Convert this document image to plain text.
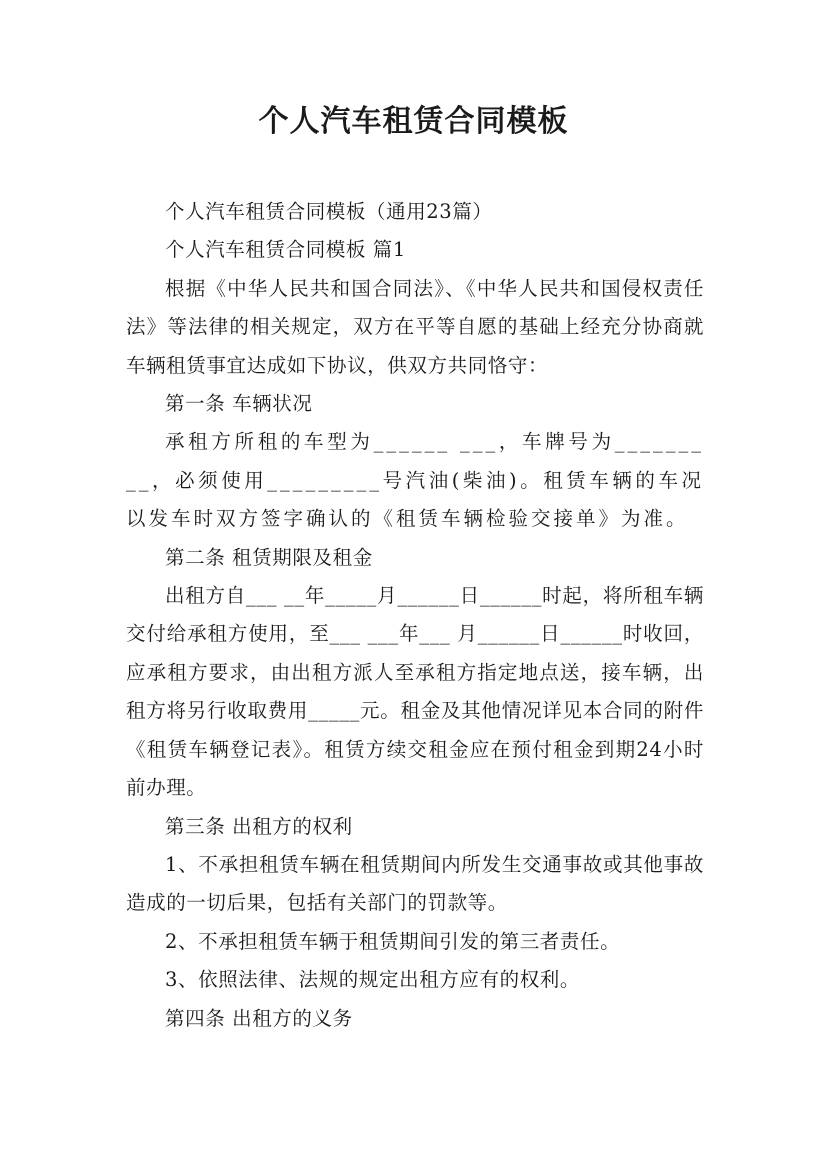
个人汽车租赁合同模板

个人汽车租赁合同模板（通用23篇）

个人汽车租赁合同模板 篇1

根据《中华人民共和国合同法》、《中华人民共和国侵权责任法》等法律的相关规定，双方在平等自愿的基础上经充分协商就车辆租赁事宜达成如下协议，供双方共同恪守：

第一条 车辆状况

承租方所租的车型为______ ___，车牌号为_________，必须使用_________号汽油(柴油)。租赁车辆的车况以发车时双方签字确认的《租赁车辆检验交接单》为准。

第二条 租赁期限及租金

出租方自___ __年_____月______日______时起，将所租车辆交付给承租方使用，至___ ___年___ 月______日______时收回，应承租方要求，由出租方派人至承租方指定地点送，接车辆，出租方将另行收取费用_____元。租金及其他情况详见本合同的附件《租赁车辆登记表》。租赁方续交租金应在预付租金到期24小时前办理。

第三条 出租方的权利

1、不承担租赁车辆在租赁期间内所发生交通事故或其他事故造成的一切后果，包括有关部门的罚款等。

2、不承担租赁车辆于租赁期间引发的第三者责任。

3、依照法律、法规的规定出租方应有的权利。

第四条 出租方的义务
